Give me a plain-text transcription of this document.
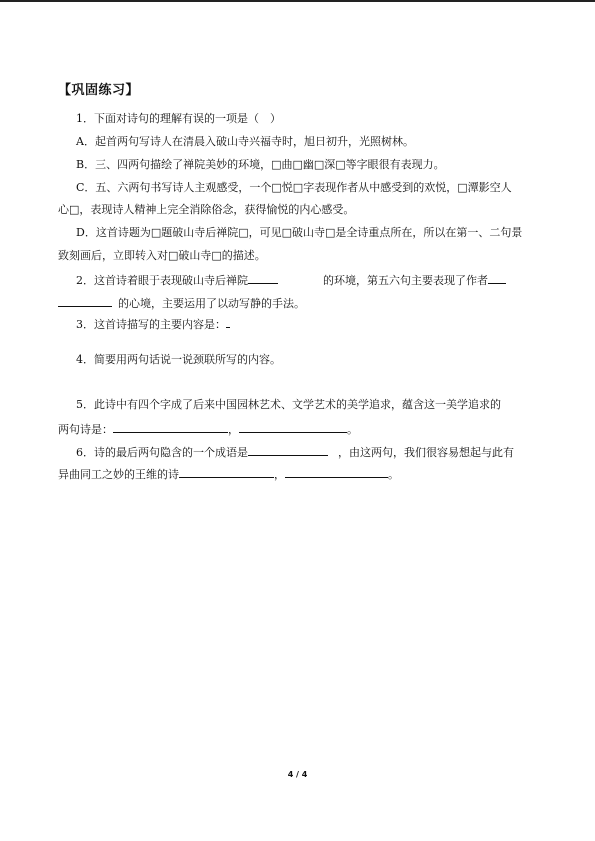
【巩固练习】
1．下面对诗句的理解有误的一项是（　）
A．起首两句写诗人在清晨入破山寺兴福寺时，旭日初升，光照树林。
B．三、四两句描绘了禅院美妙的环境，□曲□幽□深□等字眼很有表现力。
C．五、六两句书写诗人主观感受，一个□悦□字表现作者从中感受到的欢悦，□潭影空人
心□，表现诗人精神上完全消除俗念，获得愉悦的内心感受。
D．这首诗题为□题破山寺后禅院□，可见□破山寺□是全诗重点所在，所以在第一、二句景
致刻画后，立即转入对□破山寺□的描述。
2．这首诗着眼于表现破山寺后禅院	的环境，第五六句主要表现了作者
的心境，主要运用了以动写静的手法。
3．这首诗描写的主要内容是：
4．简要用两句话说一说颈联所写的内容。
5．此诗中有四个字成了后来中国园林艺术、文学艺术的美学追求，蕴含这一美学追求的
两句诗是：	，	。
6．诗的最后两句隐含的一个成语是	，由这两句，我们很容易想起与此有
异曲同工之妙的王维的诗	，	。
4 / 4
